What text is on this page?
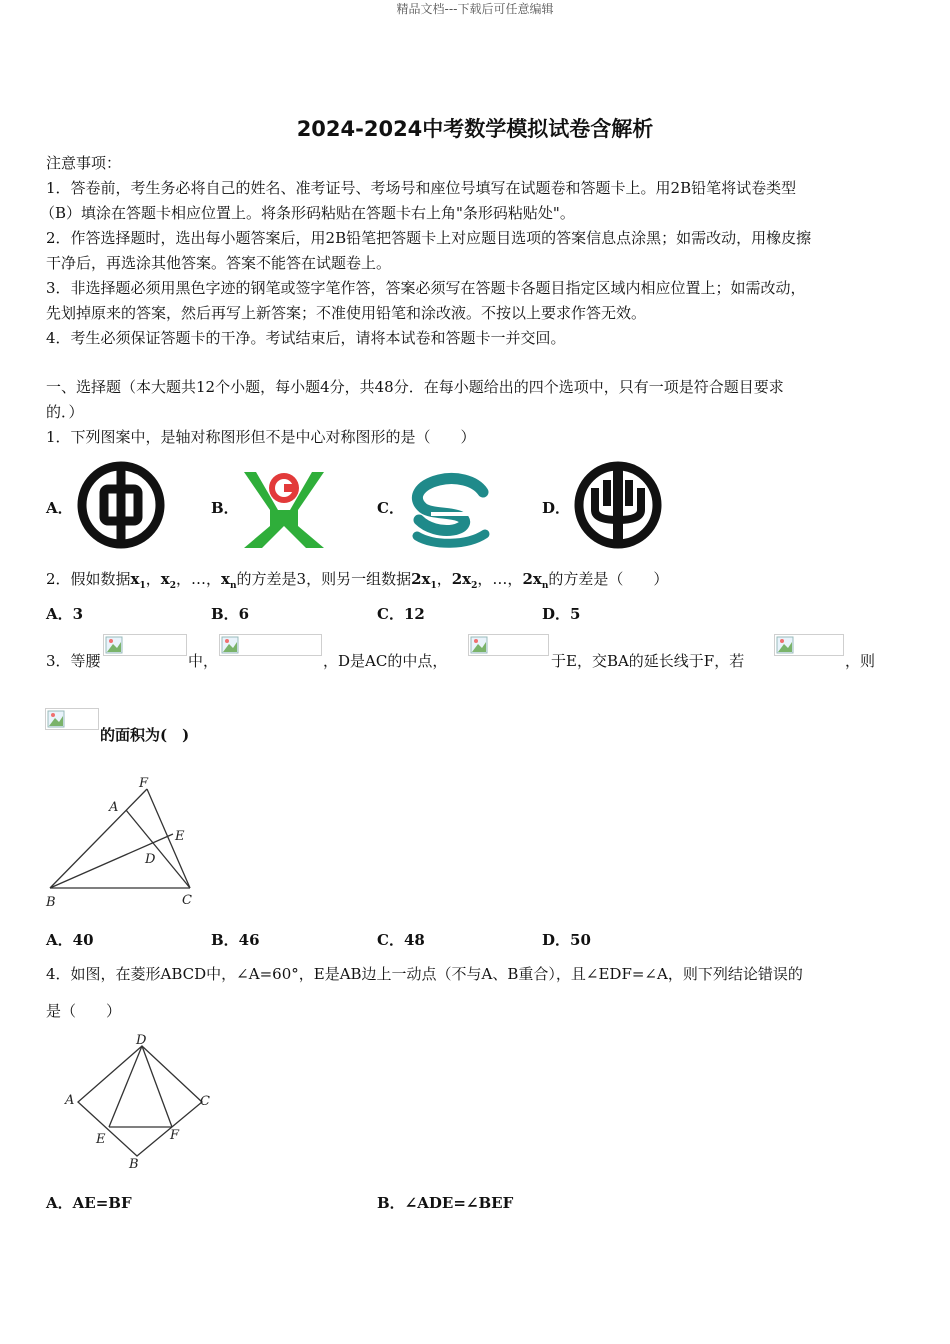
精品文档---下载后可任意编辑
2024-2024中考数学模拟试卷含解析
注意事项：
1．答卷前，考生务必将自己的姓名、准考证号、考场号和座位号填写在试题卷和答题卡上。用2B铅笔将试卷类型
（B）填涂在答题卡相应位置上。将条形码粘贴在答题卡右上角"条形码粘贴处"。
2．作答选择题时，选出每小题答案后，用2B铅笔把答题卡上对应题目选项的答案信息点涂黑；如需改动，用橡皮擦
干净后，再选涂其他答案。答案不能答在试题卷上。
3．非选择题必须用黑色字迹的钢笔或签字笔作答，答案必须写在答题卡各题目指定区域内相应位置上；如需改动，
先划掉原来的答案，然后再写上新答案；不准使用铅笔和涂改液。不按以上要求作答无效。
4．考生必须保证答题卡的干净。考试结束后，请将本试卷和答题卡一并交回。
一、选择题（本大题共12个小题，每小题4分，共48分．在每小题给出的四个选项中，只有一项是符合题目要求
的．）
1．下列图案中，是轴对称图形但不是中心对称图形的是（　　）
A．	B．	C．	D．
2．假如数据$x_1$，$x_2$，…，$x_n$的方差是3，则另一组数据$2x_1$，$2x_2$，…，$2x_n$的方差是（　　）
A．3	B．6	C．12	D．5
3．等腰	中，	，D是AC的中点，	于E，交BA的延长线于F，若	，则
的面积为(　)
F
A
E
D
B	C
A．40	B．46	C．48	D．50
4．如图，在菱形ABCD中，∠A=60°，E是AB边上一动点（不与A、B重合），且∠EDF=∠A，则下列结论错误的
是（　　）
D
A	C
E	F
B
A．AE=BF	B．∠ADE=∠BEF
